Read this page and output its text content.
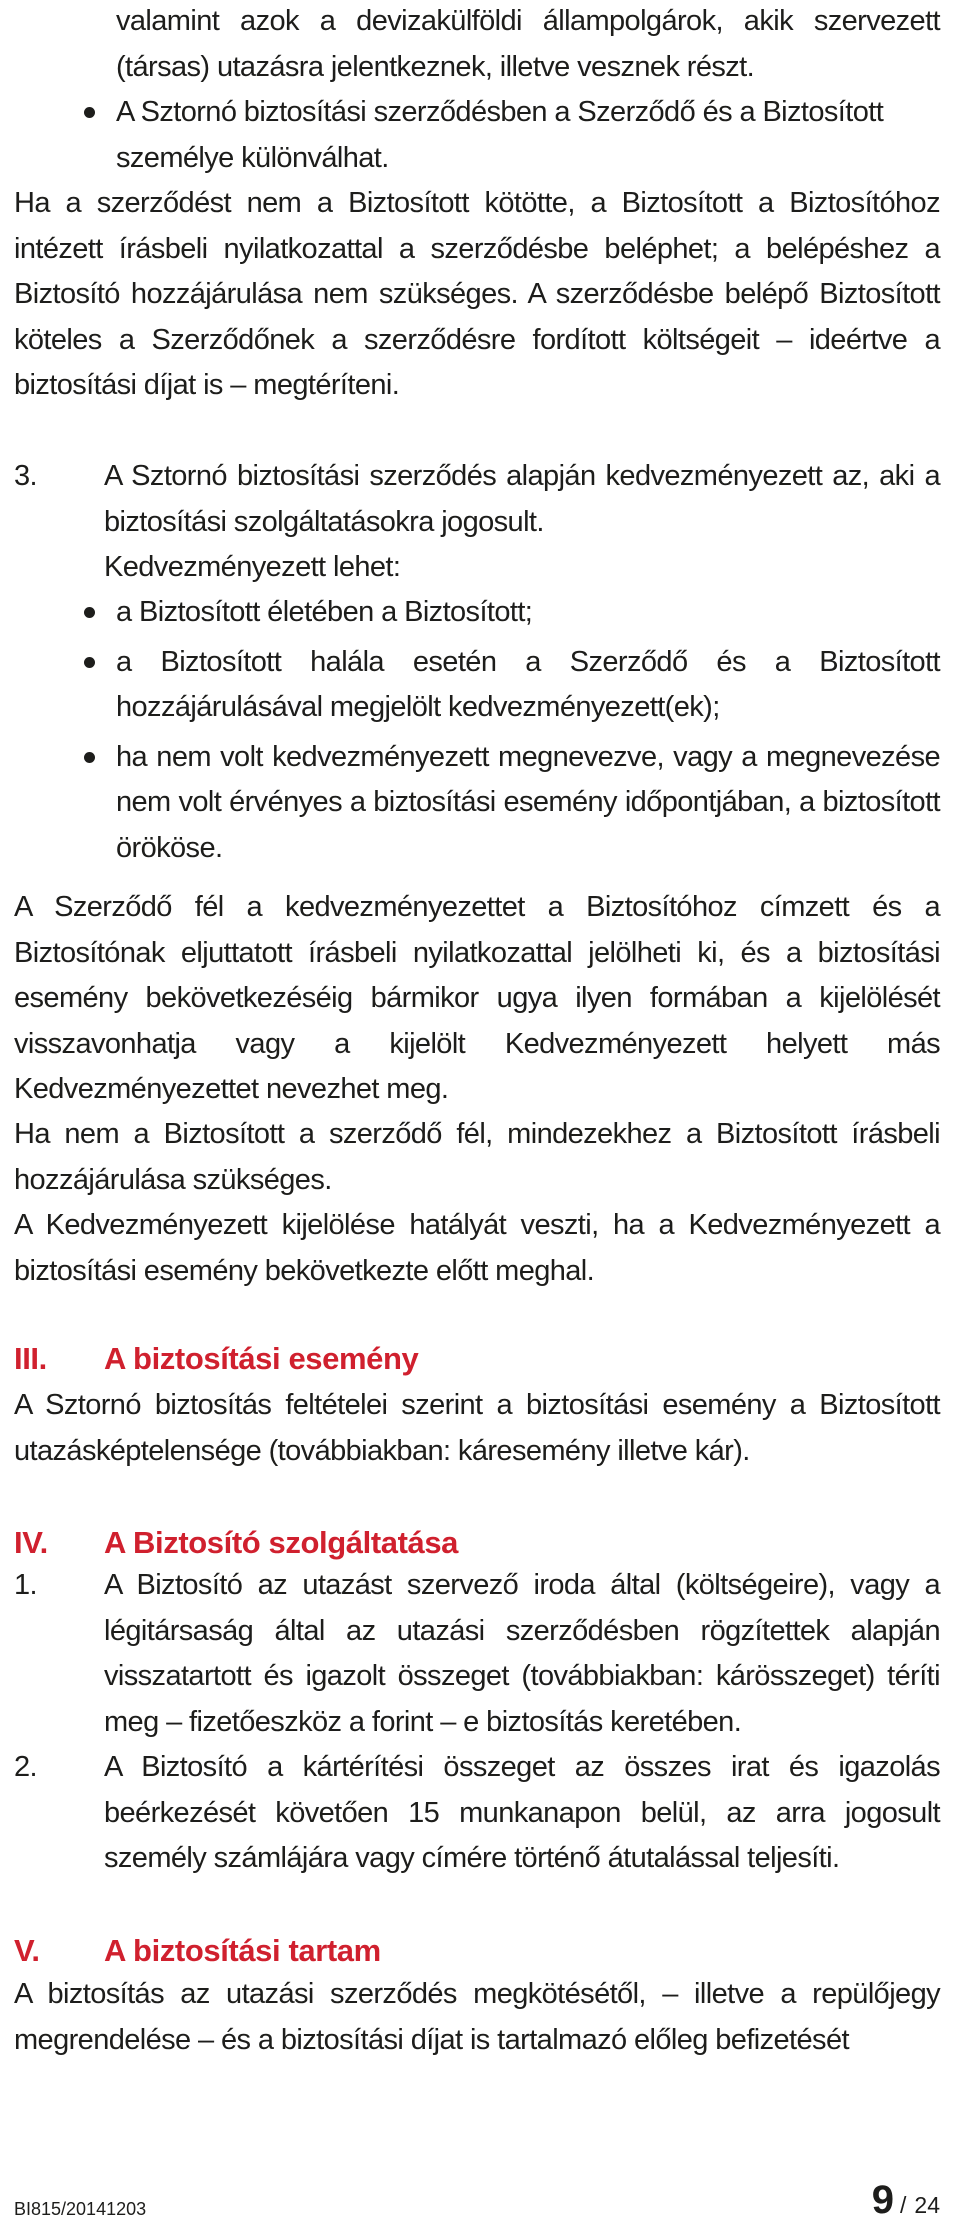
valamint azok a devizakülföldi állampolgárok, akik szervezett (társas) utazásra jelentkeznek, illetve vesznek részt.

A Sztornó biztosítási szerződésben a Szerződő és a Biztosított személye különválhat.

Ha a szerződést nem a Biztosított kötötte, a Biztosított a Biztosítóhoz intézett írásbeli nyilatkozattal a szerződésbe beléphet; a belépéshez a Biztosító hozzájárulása nem szükséges. A szerződésbe belépő Biztosított köteles a Szerződőnek a szerződésre fordított költségeit – ideértve a biztosítási díjat is – megtéríteni.

3.	A Sztornó biztosítási szerződés alapján kedvezményezett az, aki a biztosítási szolgáltatásokra jogosult.

Kedvezményezett lehet:

a Biztosított életében a Biztosított;

a Biztosított halála esetén a Szerződő és a Biztosított hozzájárulásával megjelölt kedvezményezett(ek);

ha nem volt kedvezményezett megnevezve, vagy a megnevezése nem volt érvényes a biztosítási esemény időpontjában, a biztosított örököse.

A Szerződő fél a kedvezményezettet a Biztosítóhoz címzett és a Biztosítónak eljuttatott írásbeli nyilatkozattal jelölheti ki, és a biztosítási esemény bekövetkezéséig bármikor ugya ilyen formában a kijelölését visszavonhatja vagy a kijelölt Kedvezményezett helyett más Kedvezményezettet nevezhet meg.

Ha nem a Biztosított a szerződő fél, mindezekhez a Biztosított írásbeli hozzájárulása szükséges.

A Kedvezményezett kijelölése hatályát veszti, ha a Kedvezményezett a biztosítási esemény bekövetkezte előtt meghal.

III. A biztosítási esemény

A Sztornó biztosítás feltételei szerint a biztosítási esemény a Biztosított utazásképtelensége (továbbiakban: káresemény illetve kár).

IV. A Biztosító szolgáltatása
1.	A Biztosító az utazást szervező iroda által (költségeire), vagy a légitársaság által az utazási szerződésben rögzítettek alapján visszatartott és igazolt összeget (továbbiakban: kárösszeget) téríti meg – fizetőeszköz a forint – e biztosítás keretében.

2.	A Biztosító a kártérítési összeget az összes irat és igazolás beérkezését követően 15 munkanapon belül, az arra jogosult személy számlájára vagy címére történő átutalással teljesíti.

V. A biztosítási tartam

A biztosítás az utazási szerződés megkötésétől, – illetve a repülőjegy megrendelése – és a biztosítási díjat is tartalmazó előleg befizetését

BI815/20141203	9 / 24
